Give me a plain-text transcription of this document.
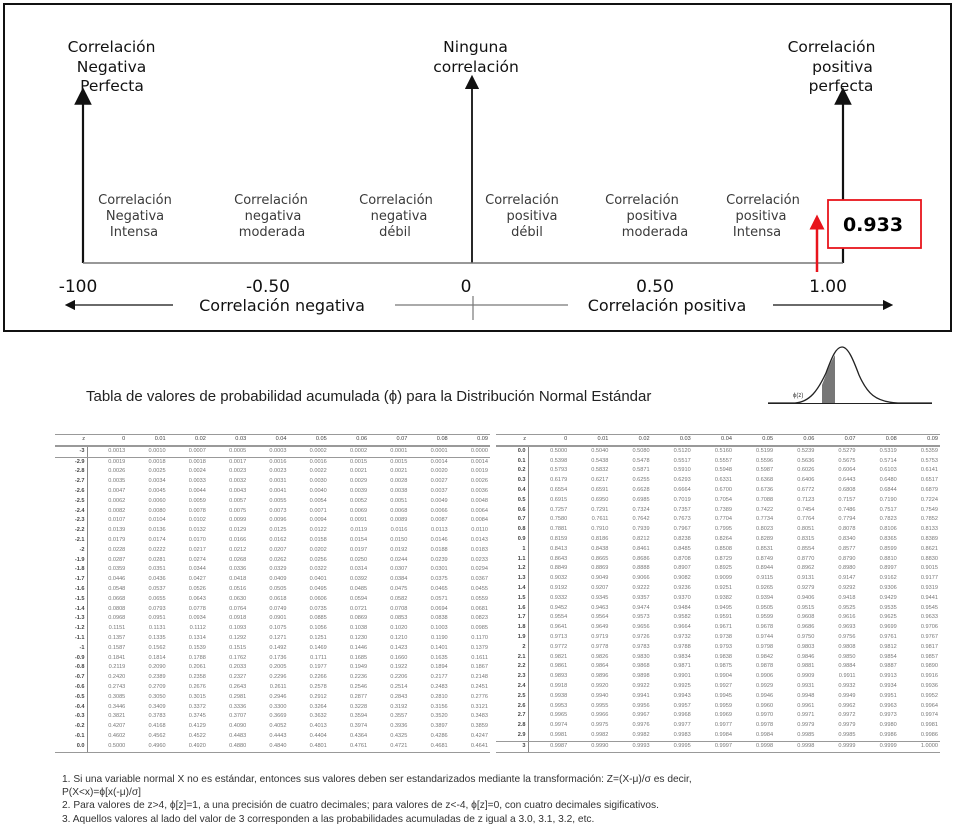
Correlación Negativa Perfecta
Ninguna correlación
Correlación positiva perfecta
Correlación Negativa Intensa
Correlación negativa moderada
Correlación negativa débil
Correlación positiva débil
Correlación positiva moderada
Correlación positiva Intensa
-100	-0.50	0	0.50	1.00
Correlación negativa	Correlación positiva
0.933
Tabla de valores de probabilidad acumulada (ϕ) para la Distribución Normal Estándar	ϕ(z)
z	0	0.01	0.02	0.03	0.04	0.05	0.06	0.07	0.08	0.09
-3	0.0013	0.0010	0.0007	0.0005	0.0003	0.0002	0.0002	0.0001	0.0001	0.0000
-2.9	0.0019	0.0018	0.0018	0.0017	0.0016	0.0016	0.0015	0.0015	0.0014	0.0014
-2.8	0.0026	0.0025	0.0024	0.0023	0.0023	0.0022	0.0021	0.0021	0.0020	0.0019
-2.7	0.0035	0.0034	0.0033	0.0032	0.0031	0.0030	0.0029	0.0028	0.0027	0.0026
-2.6	0.0047	0.0045	0.0044	0.0043	0.0041	0.0040	0.0039	0.0038	0.0037	0.0036
-2.5	0.0062	0.0060	0.0059	0.0057	0.0055	0.0054	0.0052	0.0051	0.0049	0.0048
-2.4	0.0082	0.0080	0.0078	0.0075	0.0073	0.0071	0.0069	0.0068	0.0066	0.0064
-2.3	0.0107	0.0104	0.0102	0.0099	0.0096	0.0094	0.0091	0.0089	0.0087	0.0084
-2.2	0.0139	0.0136	0.0132	0.0129	0.0125	0.0122	0.0119	0.0116	0.0113	0.0110
-2.1	0.0179	0.0174	0.0170	0.0166	0.0162	0.0158	0.0154	0.0150	0.0146	0.0143
-2	0.0228	0.0222	0.0217	0.0212	0.0207	0.0202	0.0197	0.0192	0.0188	0.0183
-1.9	0.0287	0.0281	0.0274	0.0268	0.0262	0.0256	0.0250	0.0244	0.0239	0.0233
-1.8	0.0359	0.0351	0.0344	0.0336	0.0329	0.0322	0.0314	0.0307	0.0301	0.0294
-1.7	0.0446	0.0436	0.0427	0.0418	0.0409	0.0401	0.0392	0.0384	0.0375	0.0367
-1.6	0.0548	0.0537	0.0526	0.0516	0.0505	0.0495	0.0485	0.0475	0.0465	0.0455
-1.5	0.0668	0.0655	0.0643	0.0630	0.0618	0.0606	0.0594	0.0582	0.0571	0.0559
-1.4	0.0808	0.0793	0.0778	0.0764	0.0749	0.0735	0.0721	0.0708	0.0694	0.0681
-1.3	0.0968	0.0951	0.0934	0.0918	0.0901	0.0885	0.0869	0.0853	0.0838	0.0823
-1.2	0.1151	0.1131	0.1112	0.1093	0.1075	0.1056	0.1038	0.1020	0.1003	0.0985
-1.1	0.1357	0.1335	0.1314	0.1292	0.1271	0.1251	0.1230	0.1210	0.1190	0.1170
-1	0.1587	0.1562	0.1539	0.1515	0.1492	0.1469	0.1446	0.1423	0.1401	0.1379
-0.9	0.1841	0.1814	0.1788	0.1762	0.1736	0.1711	0.1685	0.1660	0.1635	0.1611
-0.8	0.2119	0.2090	0.2061	0.2033	0.2005	0.1977	0.1949	0.1922	0.1894	0.1867
-0.7	0.2420	0.2389	0.2358	0.2327	0.2296	0.2266	0.2236	0.2206	0.2177	0.2148
-0.6	0.2743	0.2709	0.2676	0.2643	0.2611	0.2578	0.2546	0.2514	0.2483	0.2451
-0.5	0.3085	0.3050	0.3015	0.2981	0.2946	0.2912	0.2877	0.2843	0.2810	0.2776
-0.4	0.3446	0.3409	0.3372	0.3336	0.3300	0.3264	0.3228	0.3192	0.3156	0.3121
-0.3	0.3821	0.3783	0.3745	0.3707	0.3669	0.3632	0.3594	0.3557	0.3520	0.3483
-0.2	0.4207	0.4168	0.4129	0.4090	0.4052	0.4013	0.3974	0.3936	0.3897	0.3859
-0.1	0.4602	0.4562	0.4522	0.4483	0.4443	0.4404	0.4364	0.4325	0.4286	0.4247
0.0	0.5000	0.4960	0.4920	0.4880	0.4840	0.4801	0.4761	0.4721	0.4681	0.4641
z	0	0.01	0.02	0.03	0.04	0.05	0.06	0.07	0.08	0.09
0.0	0.5000	0.5040	0.5080	0.5120	0.5160	0.5199	0.5239	0.5279	0.5319	0.5359
0.1	0.5398	0.5438	0.5478	0.5517	0.5557	0.5596	0.5636	0.5675	0.5714	0.5753
0.2	0.5793	0.5832	0.5871	0.5910	0.5948	0.5987	0.6026	0.6064	0.6103	0.6141
0.3	0.6179	0.6217	0.6255	0.6293	0.6331	0.6368	0.6406	0.6443	0.6480	0.6517
0.4	0.6554	0.6591	0.6628	0.6664	0.6700	0.6736	0.6772	0.6808	0.6844	0.6879
0.5	0.6915	0.6950	0.6985	0.7019	0.7054	0.7088	0.7123	0.7157	0.7190	0.7224
0.6	0.7257	0.7291	0.7324	0.7357	0.7389	0.7422	0.7454	0.7486	0.7517	0.7549
0.7	0.7580	0.7611	0.7642	0.7673	0.7704	0.7734	0.7764	0.7794	0.7823	0.7852
0.8	0.7881	0.7910	0.7939	0.7967	0.7995	0.8023	0.8051	0.8078	0.8106	0.8133
0.9	0.8159	0.8186	0.8212	0.8238	0.8264	0.8289	0.8315	0.8340	0.8365	0.8389
1	0.8413	0.8438	0.8461	0.8485	0.8508	0.8531	0.8554	0.8577	0.8599	0.8621
1.1	0.8643	0.8665	0.8686	0.8708	0.8729	0.8749	0.8770	0.8790	0.8810	0.8830
1.2	0.8849	0.8869	0.8888	0.8907	0.8925	0.8944	0.8962	0.8980	0.8997	0.9015
1.3	0.9032	0.9049	0.9066	0.9082	0.9099	0.9115	0.9131	0.9147	0.9162	0.9177
1.4	0.9192	0.9207	0.9222	0.9236	0.9251	0.9265	0.9279	0.9292	0.9306	0.9319
1.5	0.9332	0.9345	0.9357	0.9370	0.9382	0.9394	0.9406	0.9418	0.9429	0.9441
1.6	0.9452	0.9463	0.9474	0.9484	0.9495	0.9505	0.9515	0.9525	0.9535	0.9545
1.7	0.9554	0.9564	0.9573	0.9582	0.9591	0.9599	0.9608	0.9616	0.9625	0.9633
1.8	0.9641	0.9649	0.9656	0.9664	0.9671	0.9678	0.9686	0.9693	0.9699	0.9706
1.9	0.9713	0.9719	0.9726	0.9732	0.9738	0.9744	0.9750	0.9756	0.9761	0.9767
2	0.9772	0.9778	0.9783	0.9788	0.9793	0.9798	0.9803	0.9808	0.9812	0.9817
2.1	0.9821	0.9826	0.9830	0.9834	0.9838	0.9842	0.9846	0.9850	0.9854	0.9857
2.2	0.9861	0.9864	0.9868	0.9871	0.9875	0.9878	0.9881	0.9884	0.9887	0.9890
2.3	0.9893	0.9896	0.9898	0.9901	0.9904	0.9906	0.9909	0.9911	0.9913	0.9916
2.4	0.9918	0.9920	0.9922	0.9925	0.9927	0.9929	0.9931	0.9932	0.9934	0.9936
2.5	0.9938	0.9940	0.9941	0.9943	0.9945	0.9946	0.9948	0.9949	0.9951	0.9952
2.6	0.9953	0.9955	0.9956	0.9957	0.9959	0.9960	0.9961	0.9962	0.9963	0.9964
2.7	0.9965	0.9966	0.9967	0.9968	0.9969	0.9970	0.9971	0.9972	0.9973	0.9974
2.8	0.9974	0.9975	0.9976	0.9977	0.9977	0.9978	0.9979	0.9979	0.9980	0.9981
2.9	0.9981	0.9982	0.9982	0.9983	0.9984	0.9984	0.9985	0.9985	0.9986	0.9986
3	0.9987	0.9990	0.9993	0.9995	0.9997	0.9998	0.9998	0.9999	0.9999	1.0000
1. Si una variable normal X no es estándar, entonces sus valores deben ser estandarizados mediante la transformación: Z=(X-μ)/σ es decir,
P(X<x)=ϕ[x(-μ)/σ]
2. Para valores de z>4, ϕ[z]=1, a una precisión de cuatro decimales; para valores de z<-4, ϕ[z]=0, con cuatro decimales sigificativos.
3. Aquellos valores al lado del valor de 3 corresponden a las probabilidades acumuladas de z igual a 3.0, 3.1, 3.2, etc.
